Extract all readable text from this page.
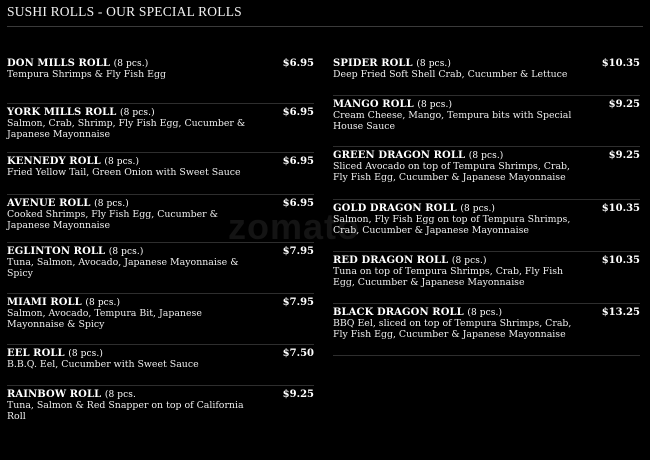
SUSHI ROLLS - OUR SPECIAL ROLLS
zomato
DON MILLS ROLL (8 pcs.)
Tempura Shrimps & Fly Fish Egg
$6.95
YORK MILLS ROLL (8 pcs.)
Salmon, Crab, Shrimp, Fly Fish Egg, Cucumber & Japanese Mayonnaise
$6.95
KENNEDY ROLL (8 pcs.)
Fried Yellow Tail, Green Onion with Sweet Sauce
$6.95
AVENUE ROLL (8 pcs.)
Cooked Shrimps, Fly Fish Egg, Cucumber & Japanese Mayonnaise
$6.95
EGLINTON ROLL (8 pcs.)
Tuna, Salmon, Avocado, Japanese Mayonnaise & Spicy
$7.95
MIAMI ROLL (8 pcs.)
Salmon, Avocado, Tempura Bit, Japanese Mayonnaise & Spicy
$7.95
EEL ROLL (8 pcs.)
B.B.Q. Eel, Cucumber with Sweet Sauce
$7.50
RAINBOW ROLL (8 pcs.
Tuna, Salmon & Red Snapper on top of California Roll
$9.25
SPIDER ROLL (8 pcs.)
Deep Fried Soft Shell Crab, Cucumber & Lettuce
$10.35
MANGO ROLL (8 pcs.)
Cream Cheese, Mango, Tempura bits with Special House Sauce
$9.25
GREEN DRAGON ROLL (8 pcs.)
Sliced Avocado on top of Tempura Shrimps, Crab, Fly Fish Egg, Cucumber & Japanese Mayonnaise
$9.25
GOLD DRAGON ROLL (8 pcs.)
Salmon, Fly Fish Egg on top of Tempura Shrimps, Crab, Cucumber & Japanese Mayonnaise
$10.35
RED DRAGON ROLL (8 pcs.)
Tuna on top of Tempura Shrimps, Crab, Fly Fish Egg, Cucumber & Japanese Mayonnaise
$10.35
BLACK DRAGON ROLL (8 pcs.)
BBQ Eel, sliced on top of Tempura Shrimps, Crab, Fly Fish Egg, Cucumber & Japanese Mayonnaise
$13.25
